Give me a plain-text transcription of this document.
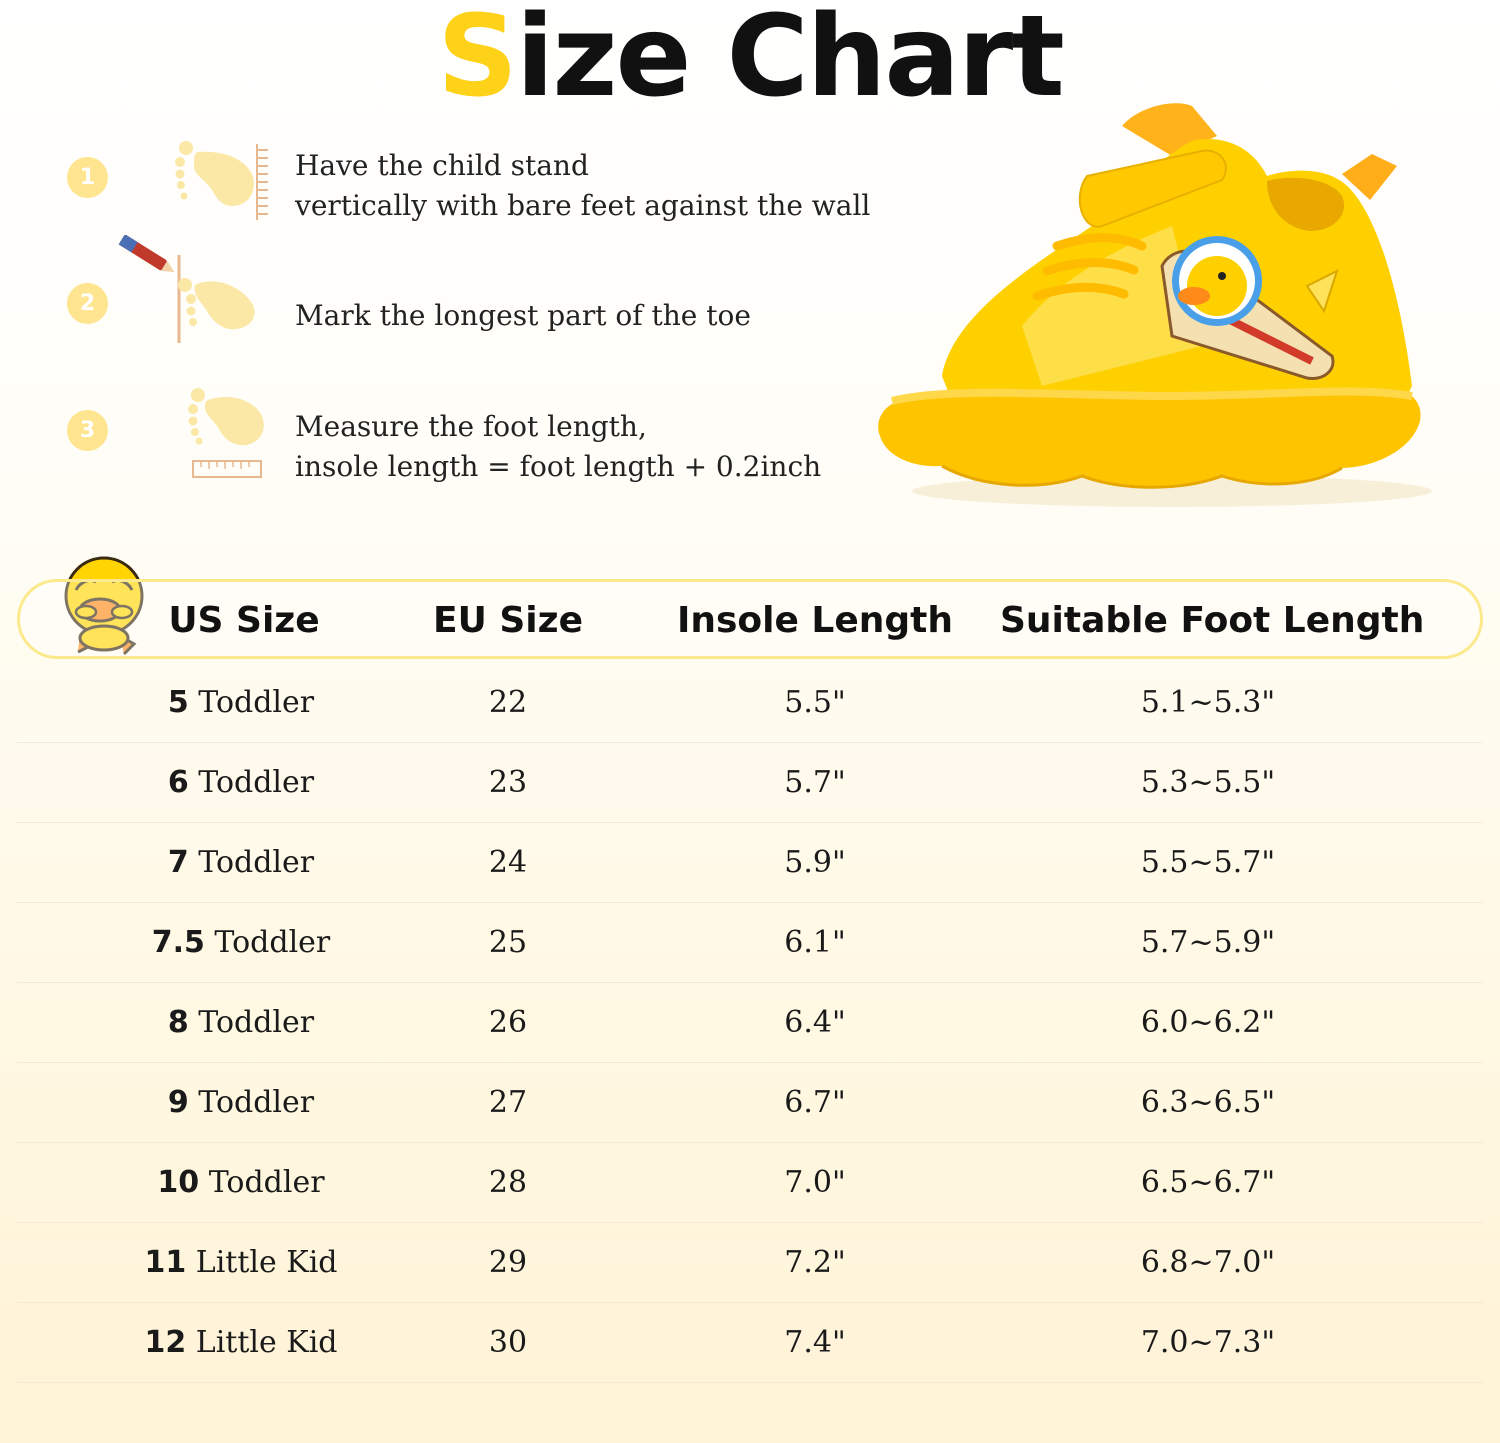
Size Chart
1	Have the child stand
vertically with bare feet against the wall
2	Mark the longest part of the toe
3	Measure the foot length,
insole length = foot length + 0.2inch
US Size	EU Size	Insole Length	Suitable Foot Length
5 Toddler	22	5.5"	5.1~5.3"
6 Toddler	23	5.7"	5.3~5.5"
7 Toddler	24	5.9"	5.5~5.7"
7.5 Toddler	25	6.1"	5.7~5.9"
8 Toddler	26	6.4"	6.0~6.2"
9 Toddler	27	6.7"	6.3~6.5"
10 Toddler	28	7.0"	6.5~6.7"
11 Little Kid	29	7.2"	6.8~7.0"
12 Little Kid	30	7.4"	7.0~7.3"
